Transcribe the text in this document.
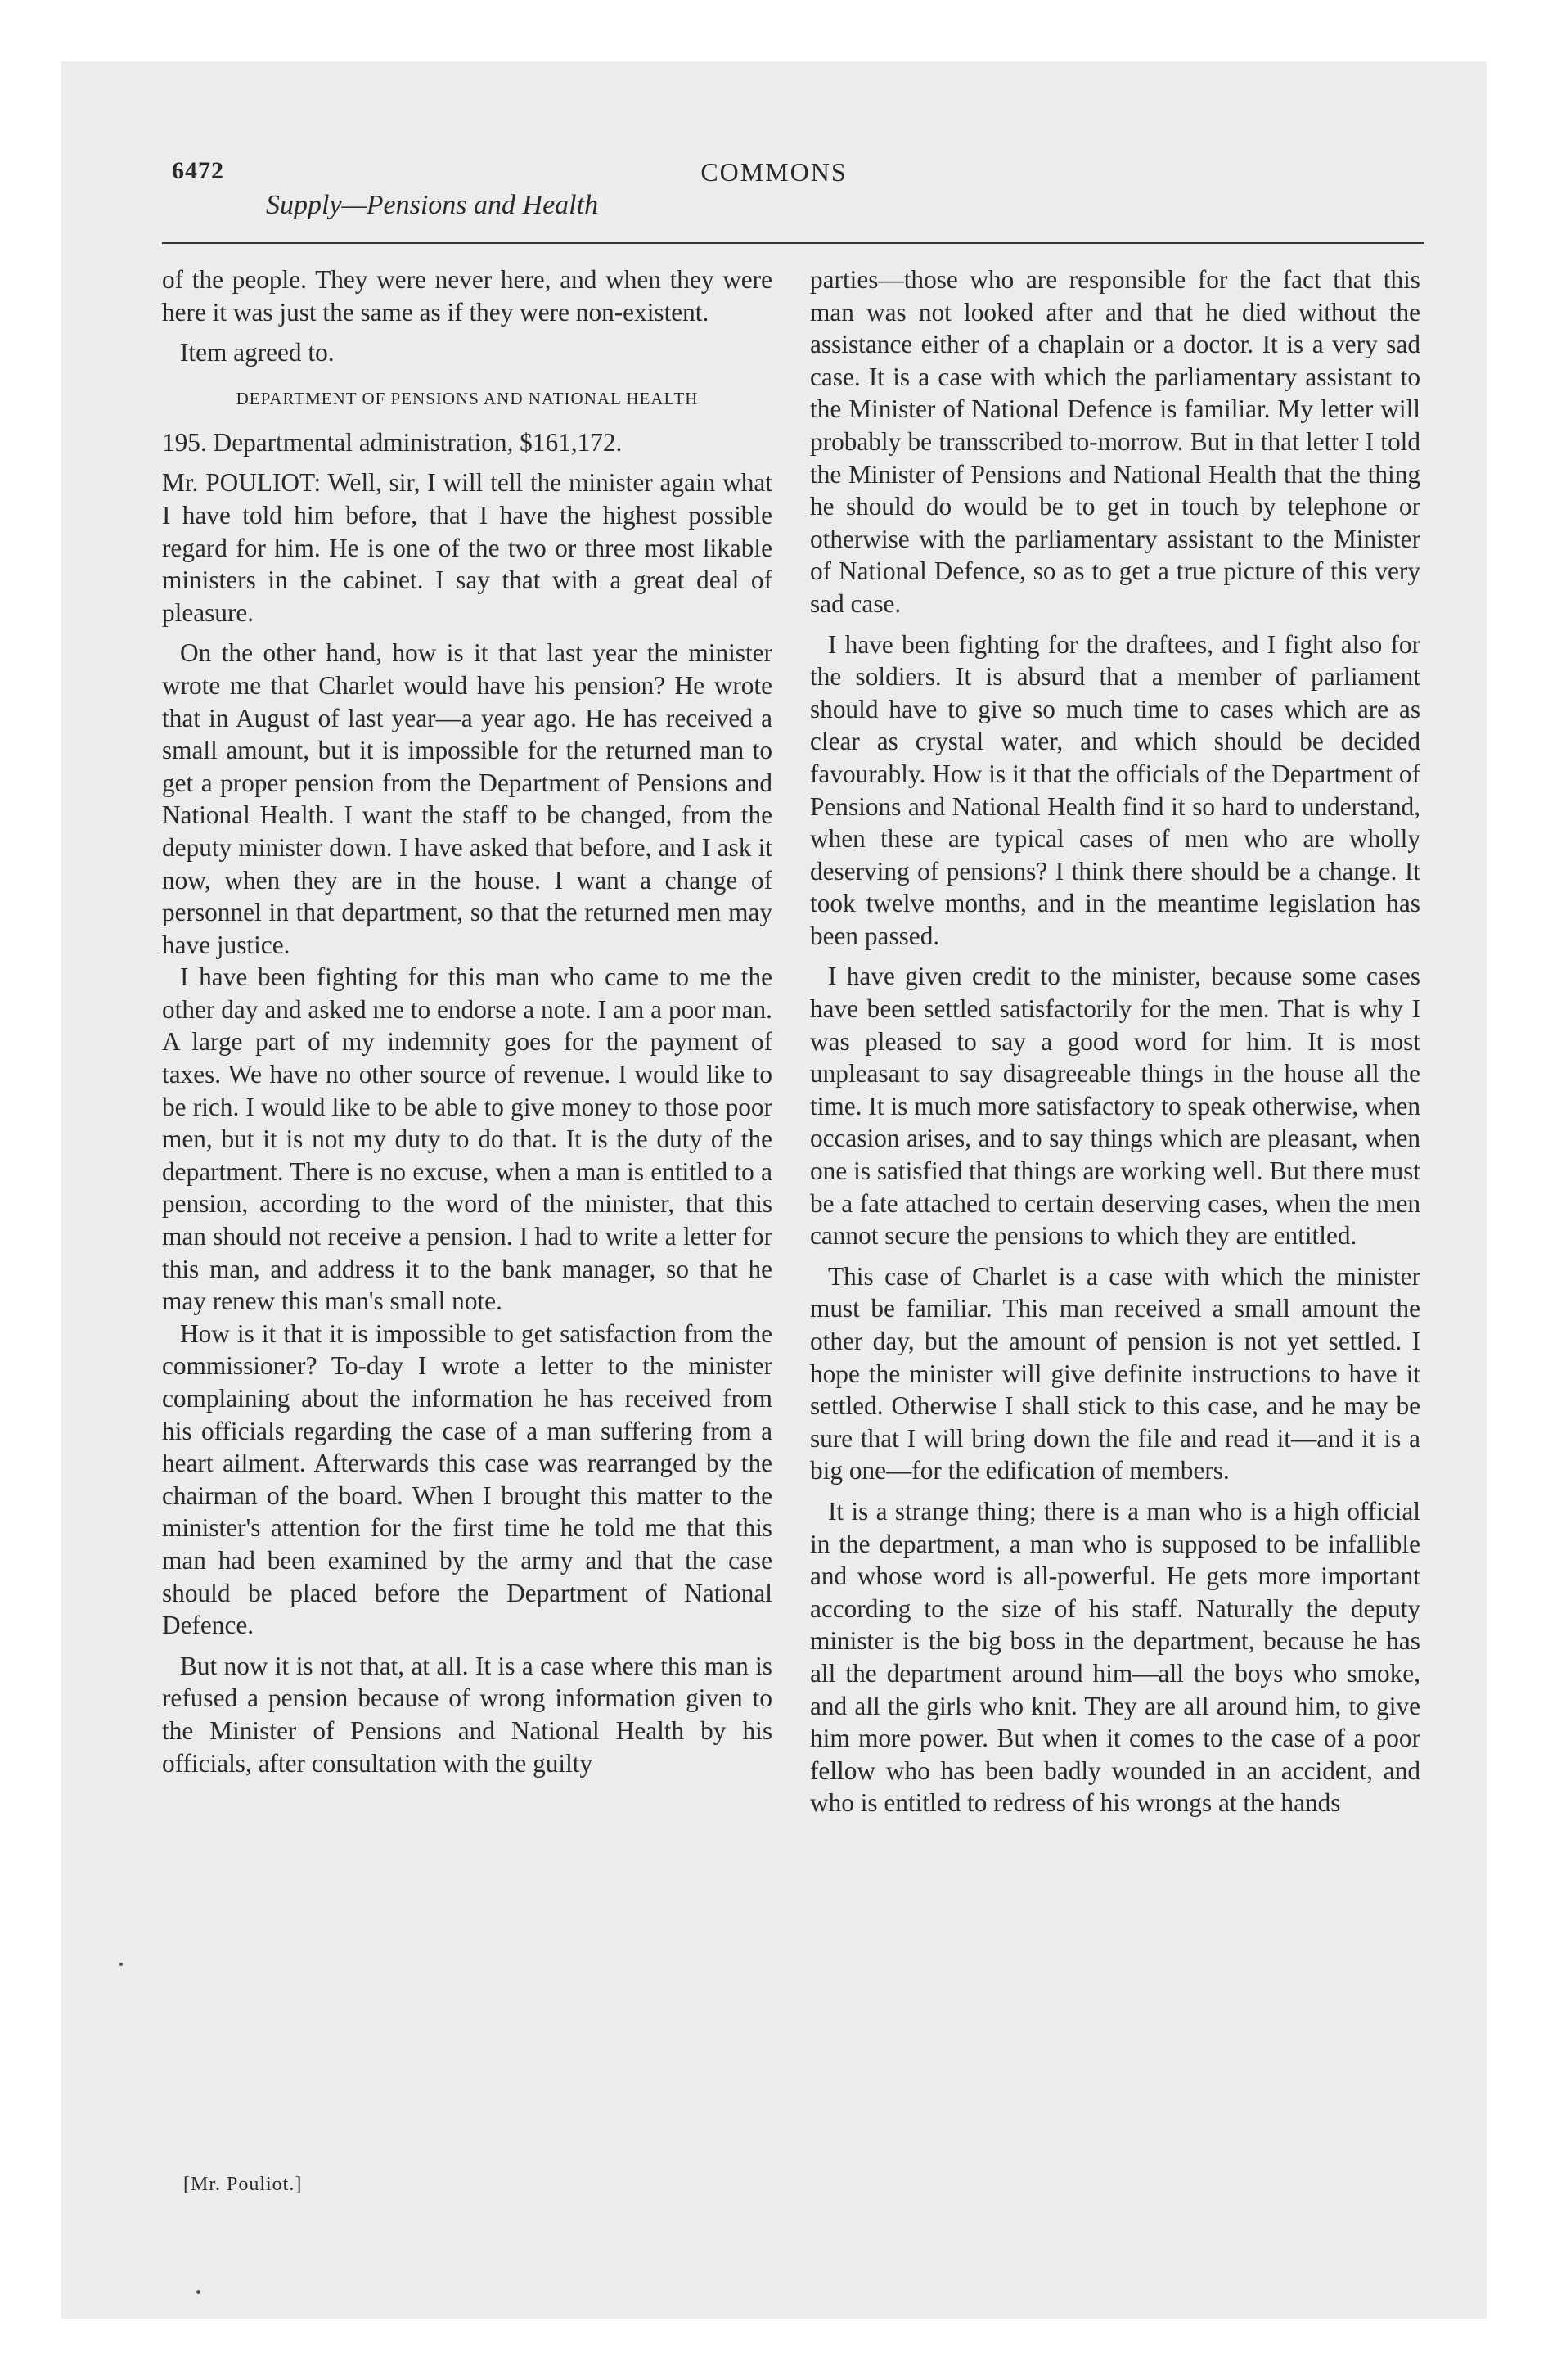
6472	COMMONS
Supply—Pensions and Health

of the people. They were never here, and when they were here it was just the same as if they were non-existent.

Item agreed to.

DEPARTMENT OF PENSIONS AND NATIONAL HEALTH

195. Departmental administration, $161,172.

Mr. POULIOT: Well, sir, I will tell the minister again what I have told him before, that I have the highest possible regard for him. He is one of the two or three most likable ministers in the cabinet. I say that with a great deal of pleasure.

On the other hand, how is it that last year the minister wrote me that Charlet would have his pension? He wrote that in August of last year—a year ago. He has received a small amount, but it is impossible for the returned man to get a proper pension from the Department of Pensions and National Health. I want the staff to be changed, from the deputy minister down. I have asked that before, and I ask it now, when they are in the house. I want a change of personnel in that department, so that the returned men may have justice.

I have been fighting for this man who came to me the other day and asked me to endorse a note. I am a poor man. A large part of my indemnity goes for the payment of taxes. We have no other source of revenue. I would like to be rich. I would like to be able to give money to those poor men, but it is not my duty to do that. It is the duty of the department. There is no excuse, when a man is entitled to a pension, according to the word of the minister, that this man should not receive a pension. I had to write a letter for this man, and address it to the bank manager, so that he may renew this man's small note.

How is it that it is impossible to get satisfaction from the commissioner? To-day I wrote a letter to the minister complaining about the information he has received from his officials regarding the case of a man suffering from a heart ailment. Afterwards this case was rearranged by the chairman of the board. When I brought this matter to the minister's attention for the first time he told me that this man had been examined by the army and that the case should be placed before the Department of National Defence.

But now it is not that, at all. It is a case where this man is refused a pension because of wrong information given to the Minister of Pensions and National Health by his officials, after consultation with the guilty

parties—those who are responsible for the fact that this man was not looked after and that he died without the assistance either of a chaplain or a doctor. It is a very sad case. It is a case with which the parliamentary assistant to the Minister of National Defence is familiar. My letter will probably be transscribed to-morrow. But in that letter I told the Minister of Pensions and National Health that the thing he should do would be to get in touch by telephone or otherwise with the parliamentary assistant to the Minister of National Defence, so as to get a true picture of this very sad case.

I have been fighting for the draftees, and I fight also for the soldiers. It is absurd that a member of parliament should have to give so much time to cases which are as clear as crystal water, and which should be decided favourably. How is it that the officials of the Department of Pensions and National Health find it so hard to understand, when these are typical cases of men who are wholly deserving of pensions? I think there should be a change. It took twelve months, and in the meantime legislation has been passed.

I have given credit to the minister, because some cases have been settled satisfactorily for the men. That is why I was pleased to say a good word for him. It is most unpleasant to say disagreeable things in the house all the time. It is much more satisfactory to speak otherwise, when occasion arises, and to say things which are pleasant, when one is satisfied that things are working well. But there must be a fate attached to certain deserving cases, when the men cannot secure the pensions to which they are entitled.

This case of Charlet is a case with which the minister must be familiar. This man received a small amount the other day, but the amount of pension is not yet settled. I hope the minister will give definite instructions to have it settled. Otherwise I shall stick to this case, and he may be sure that I will bring down the file and read it—and it is a big one—for the edification of members.

It is a strange thing; there is a man who is a high official in the department, a man who is supposed to be infallible and whose word is all-powerful. He gets more important according to the size of his staff. Naturally the deputy minister is the big boss in the department, because he has all the department around him—all the boys who smoke, and all the girls who knit. They are all around him, to give him more power. But when it comes to the case of a poor fellow who has been badly wounded in an accident, and who is entitled to redress of his wrongs at the hands

[Mr. Pouliot.]
